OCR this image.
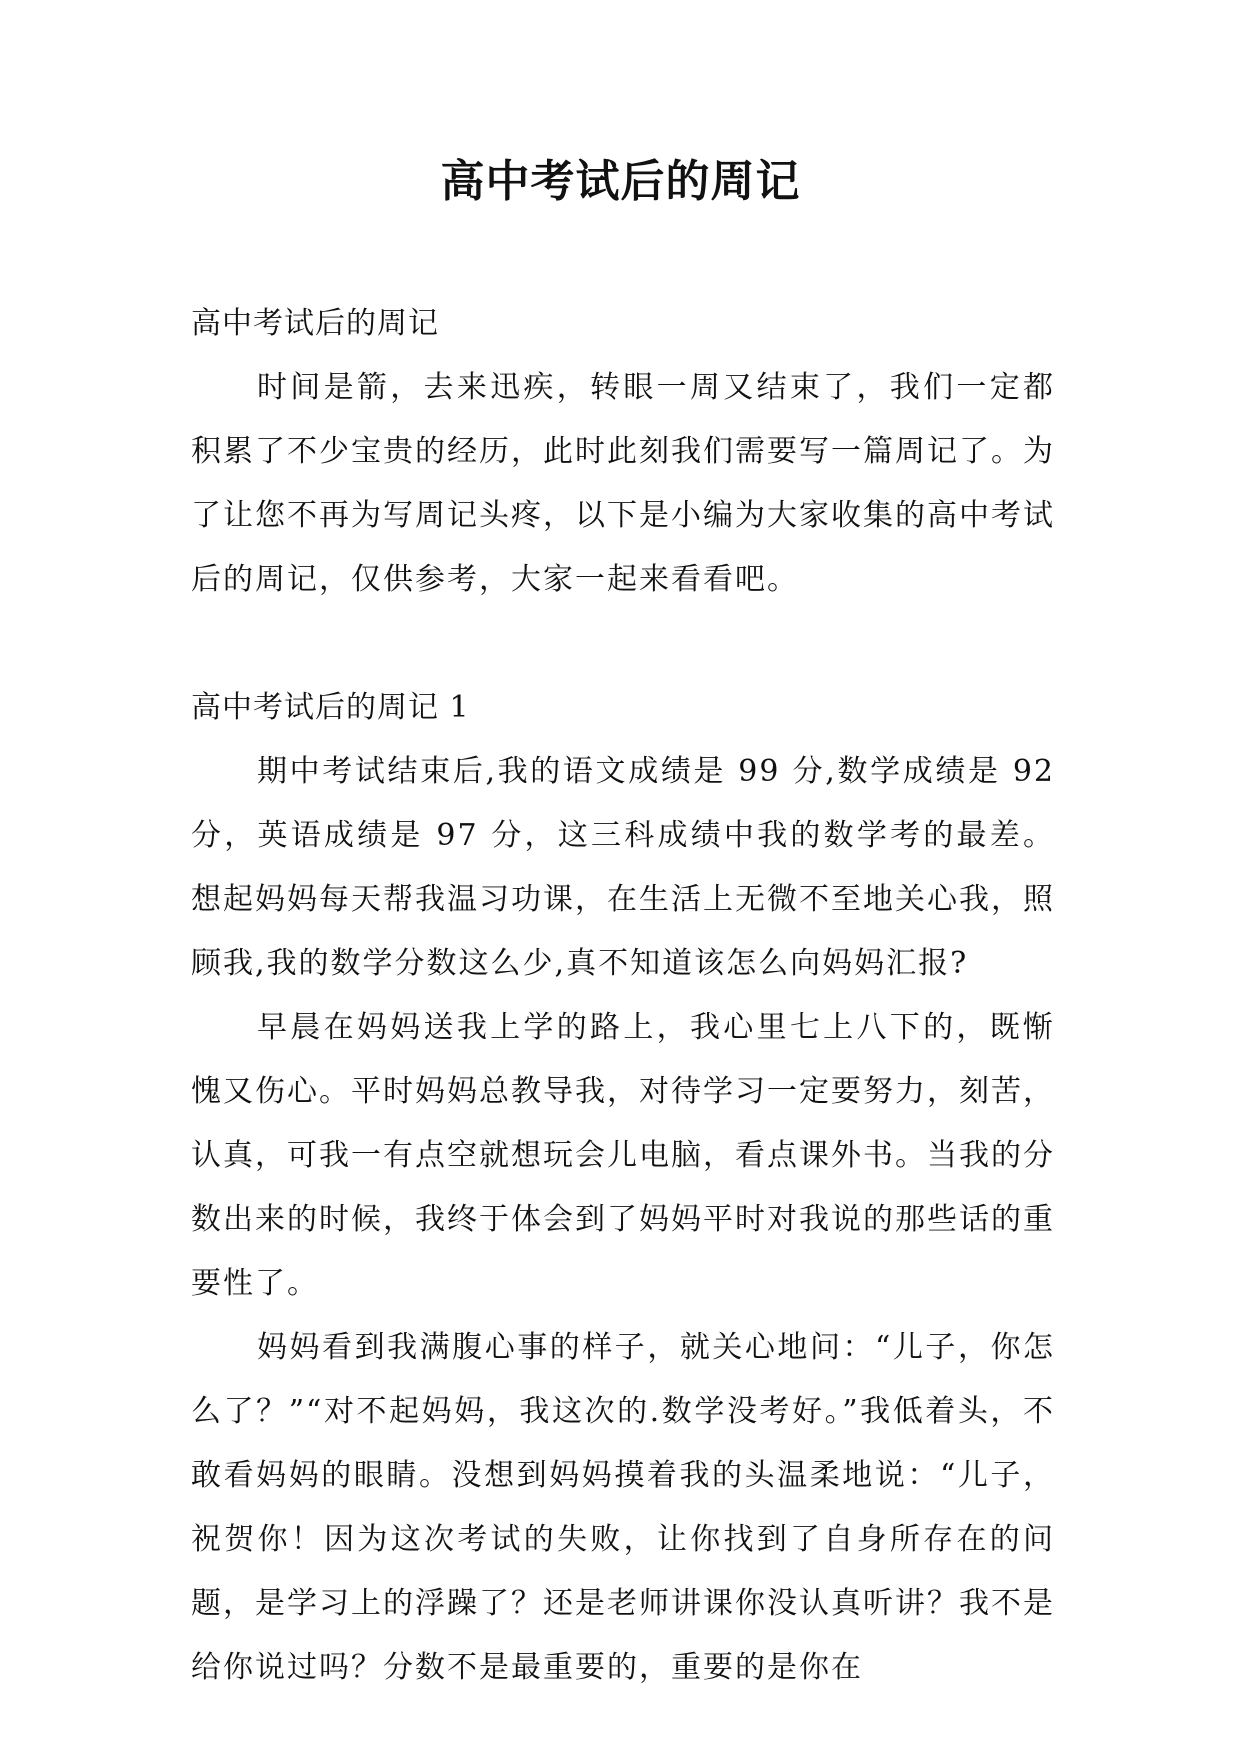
高中考试后的周记

高中考试后的周记

时间是箭，去来迅疾，转眼一周又结束了，我们一定都积累了不少宝贵的经历，此时此刻我们需要写一篇周记了。为了让您不再为写周记头疼，以下是小编为大家收集的高中考试后的周记，仅供参考，大家一起来看看吧。

高中考试后的周记 1

期中考试结束后,我的语文成绩是 99 分,数学成绩是 92 分，英语成绩是 97 分，这三科成绩中我的数学考的最差。想起妈妈每天帮我温习功课，在生活上无微不至地关心我，照顾我,我的数学分数这么少,真不知道该怎么向妈妈汇报?

早晨在妈妈送我上学的路上，我心里七上八下的，既惭愧又伤心。平时妈妈总教导我，对待学习一定要努力，刻苦，认真，可我一有点空就想玩会儿电脑，看点课外书。当我的分数出来的时候，我终于体会到了妈妈平时对我说的那些话的重要性了。

妈妈看到我满腹心事的样子，就关心地问：“儿子，你怎么了？”“对不起妈妈，我这次的.数学没考好。”我低着头，不敢看妈妈的眼睛。没想到妈妈摸着我的头温柔地说：“儿子，祝贺你！因为这次考试的失败，让你找到了自身所存在的问题，是学习上的浮躁了？还是老师讲课你没认真听讲？我不是给你说过吗？分数不是最重要的，重要的是你在
